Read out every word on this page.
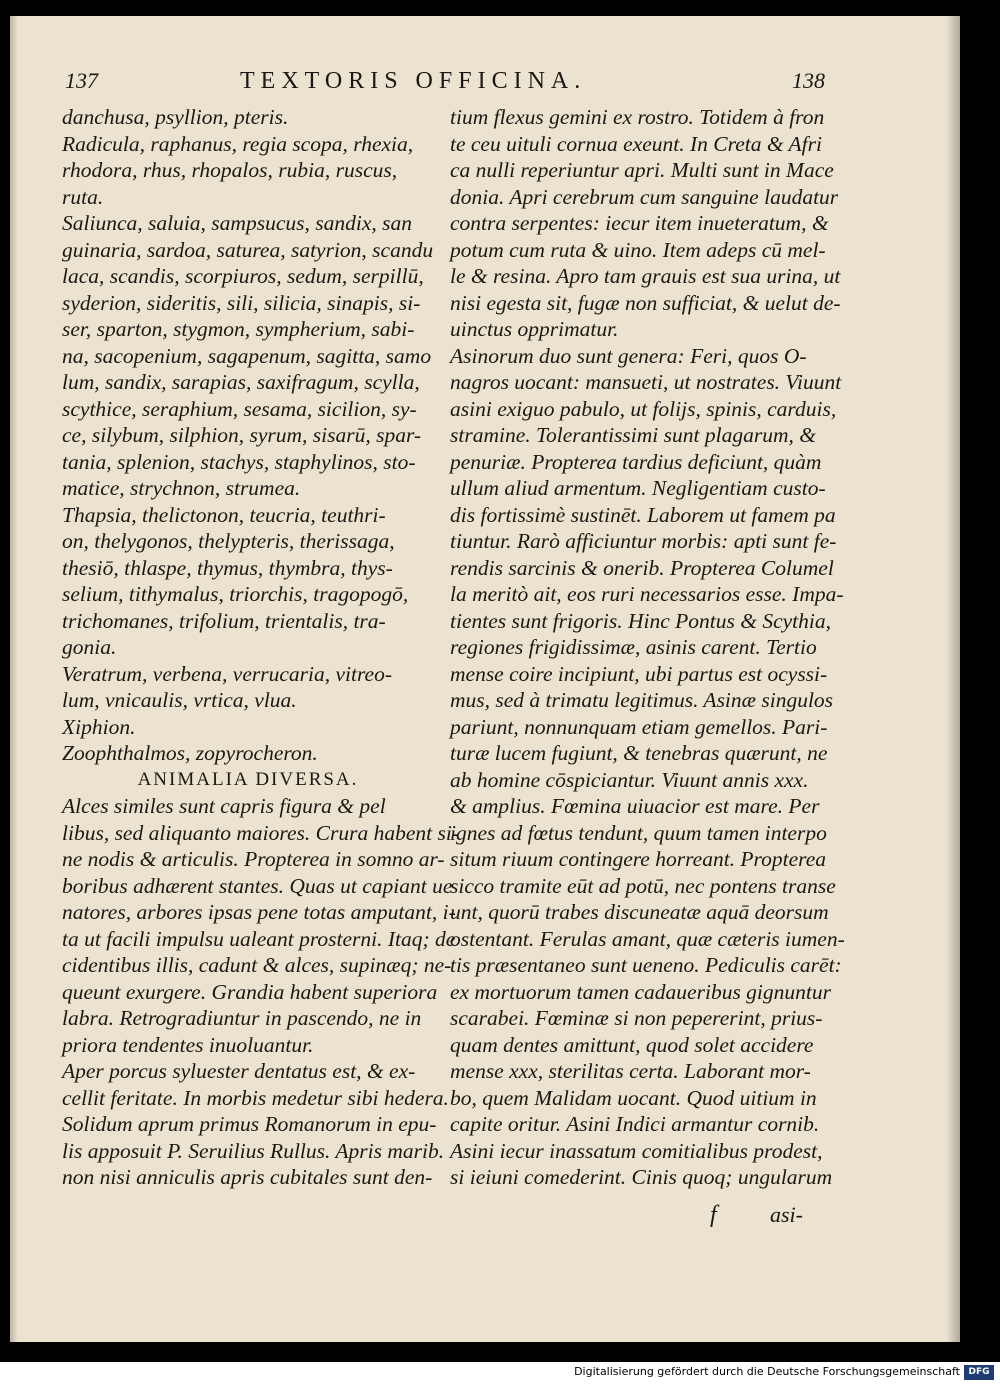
137	TEXTORIS OFFICINA.	138
danchusa, psyllion, pteris.
Radicula, raphanus, regia scopa, rhexia,
rhodora, rhus, rhopalos, rubia, ruscus,
ruta.
Saliunca, saluia, sampsucus, sandix, san
guinaria, sardoa, saturea, satyrion, scandu
laca, scandis, scorpiuros, sedum, serpillū,
syderion, sideritis, sili, silicia, sinapis, si-
ser, sparton, stygmon, sympherium, sabi-
na, sacopenium, sagapenum, sagitta, samo
lum, sandix, sarapias, saxifragum, scylla,
scythice, seraphium, sesama, sicilion, sy-
ce, silybum, silphion, syrum, sisarū, spar-
tania, splenion, stachys, staphylinos, sto-
matice, strychnon, strumea.
Thapsia, thelictonon, teucria, teuthri-
on, thelygonos, thelypteris, therissaga,
thesiō, thlaspe, thymus, thymbra, thys-
selium, tithymalus, triorchis, tragopogō,
trichomanes, trifolium, trientalis, tra-
gonia.
Veratrum, verbena, verrucaria, vitreo-
lum, vnicaulis, vrtica, vlua.
Xiphion.
Zoophthalmos, zopyrocheron.
ANIMALIA DIVERSA.
Alces similes sunt capris figura & pel
libus, sed aliquanto maiores. Crura habent si-
ne nodis & articulis. Propterea in somno ar-
boribus adhærent stantes. Quas ut capiant ue
natores, arbores ipsas pene totas amputant, i-
ta ut facili impulsu ualeant prosterni. Itaq; de
cidentibus illis, cadunt & alces, supinæq; ne-
queunt exurgere. Grandia habent superiora
labra. Retrogradiuntur in pascendo, ne in
priora tendentes inuoluantur.
Aper porcus syluester dentatus est, & ex-
cellit feritate. In morbis medetur sibi hedera.
Solidum aprum primus Romanorum in epu-
lis apposuit P. Seruilius Rullus. Apris marib.
non nisi anniculis apris cubitales sunt den-
tium flexus gemini ex rostro. Totidem à fron
te ceu uituli cornua exeunt. In Creta & Afri
ca nulli reperiuntur apri. Multi sunt in Mace
donia. Apri cerebrum cum sanguine laudatur
contra serpentes: iecur item inueteratum, &
potum cum ruta & uino. Item adeps cū mel-
le & resina. Apro tam grauis est sua urina, ut
nisi egesta sit, fugæ non sufficiat, & uelut de-
uinctus opprimatur.
Asinorum duo sunt genera: Feri, quos O-
nagros uocant: mansueti, ut nostrates. Viuunt
asini exiguo pabulo, ut folijs, spinis, carduis,
stramine. Tolerantissimi sunt plagarum, &
penuriæ. Propterea tardius deficiunt, quàm
ullum aliud armentum. Negligentiam custo-
dis fortissimè sustinēt. Laborem ut famem pa
tiuntur. Rarò afficiuntur morbis: apti sunt fe-
rendis sarcinis & onerib. Propterea Columel
la meritò ait, eos ruri necessarios esse. Impa-
tientes sunt frigoris. Hinc Pontus & Scythia,
regiones frigidissimæ, asinis carent. Tertio
mense coire incipiunt, ubi partus est ocyssi-
mus, sed à trimatu legitimus. Asinæ singulos
pariunt, nonnunquam etiam gemellos. Pari-
turæ lucem fugiunt, & tenebras quærunt, ne
ab homine cōspiciantur. Viuunt annis xxx.
& amplius. Fœmina uiuacior est mare. Per
ignes ad fœtus tendunt, quum tamen interpo
situm riuum contingere horreant. Propterea
sicco tramite eūt ad potū, nec pontens transe
unt, quorū trabes discuneatæ aquā deorsum
ostentant. Ferulas amant, quæ cæteris iumen-
tis præsentaneo sunt ueneno. Pediculis carēt:
ex mortuorum tamen cadaueribus gignuntur
scarabei. Fœminæ si non pepererint, prius-
quam dentes amittunt, quod solet accidere
mense xxx, sterilitas certa. Laborant mor-
bo, quem Malidam uocant. Quod uitium in
capite oritur. Asini Indici armantur cornib.
Asini iecur inassatum comitialibus prodest,
si ieiuni comederint. Cinis quoq; ungularum
f asi-
Digitalisierung gefördert durch die Deutsche Forschungsgemeinschaft DFG
